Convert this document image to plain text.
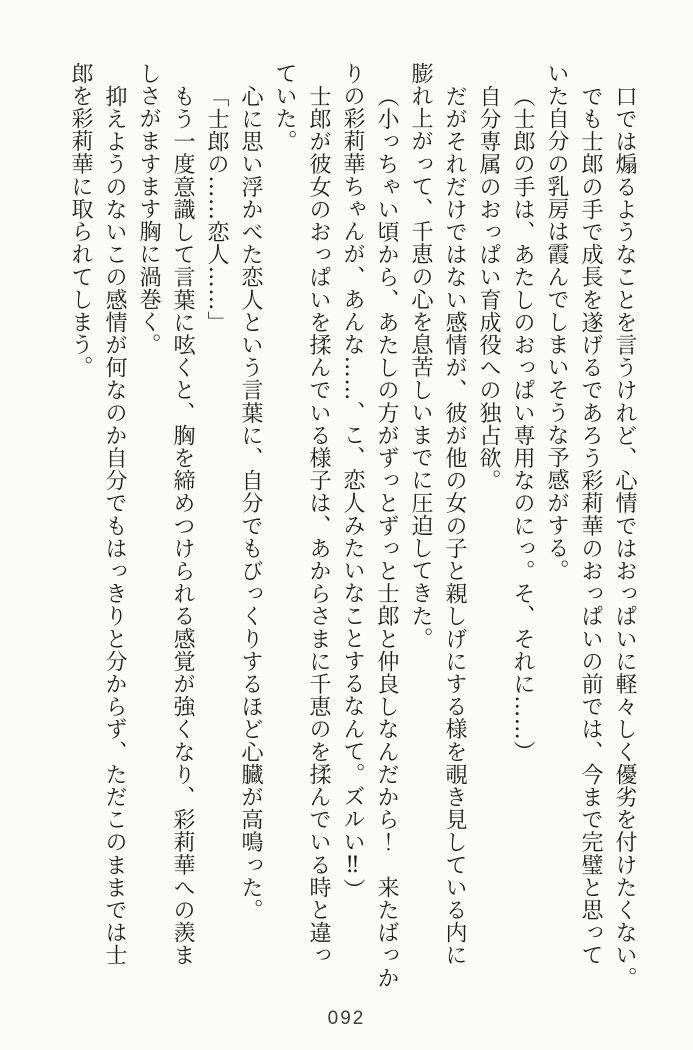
口では煽るようなことを言うけれど、心情ではおっぱいに軽々しく優劣を付けたくない。
でも士郎の手で成長を遂げるであろう彩莉華のおっぱいの前では、今まで完璧と思って
いた自分の乳房は霞んでしまいそうな予感がする。
（士郎の手は、あたしのおっぱい専用なのにっ。そ、それに……）
自分専属のおっぱい育成役への独占欲。
だがそれだけではない感情が、彼が他の女の子と親しげにする様を覗き見している内に
膨れ上がって、千恵の心を息苦しいまでに圧迫してきた。
（小っちゃい頃から、あたしの方がずっとずっと士郎と仲良しなんだから！　来たばっか
りの彩莉華ちゃんが、あんな……、こ、恋人みたいなことするなんて。ズルい‼）
士郎が彼女のおっぱいを揉んでいる様子は、あからさまに千恵のを揉んでいる時と違っ
ていた。
心に思い浮かべた恋人という言葉に、自分でもびっくりするほど心臓が高鳴った。
「士郎の……恋人……」
もう一度意識して言葉に呟くと、胸を締めつけられる感覚が強くなり、彩莉華への羨ま
しさがますます胸に渦巻く。
抑えようのないこの感情が何なのか自分でもはっきりと分からず、ただこのままでは士
郎を彩莉華に取られてしまう。
092
